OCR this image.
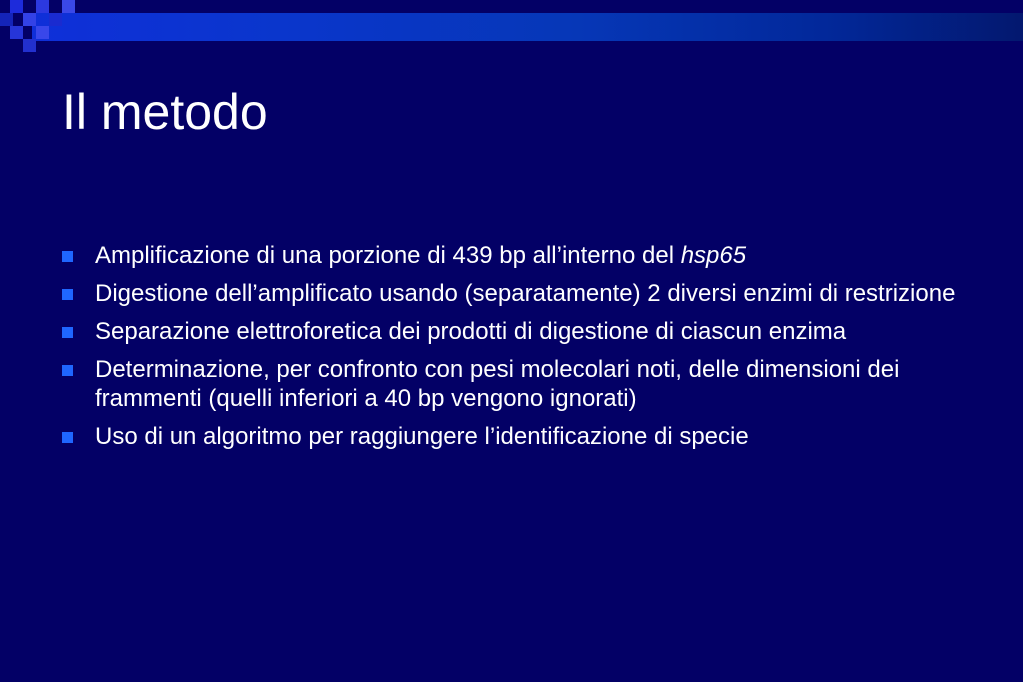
Il metodo
Amplificazione di una porzione di 439 bp all’interno del hsp65
Digestione dell’amplificato usando (separatamente) 2 diversi enzimi di restrizione
Separazione elettroforetica dei prodotti di digestione di ciascun enzima
Determinazione, per confronto con pesi molecolari noti, delle dimensioni dei frammenti (quelli inferiori a 40 bp vengono ignorati)
Uso di un algoritmo per raggiungere l’identificazione di specie
